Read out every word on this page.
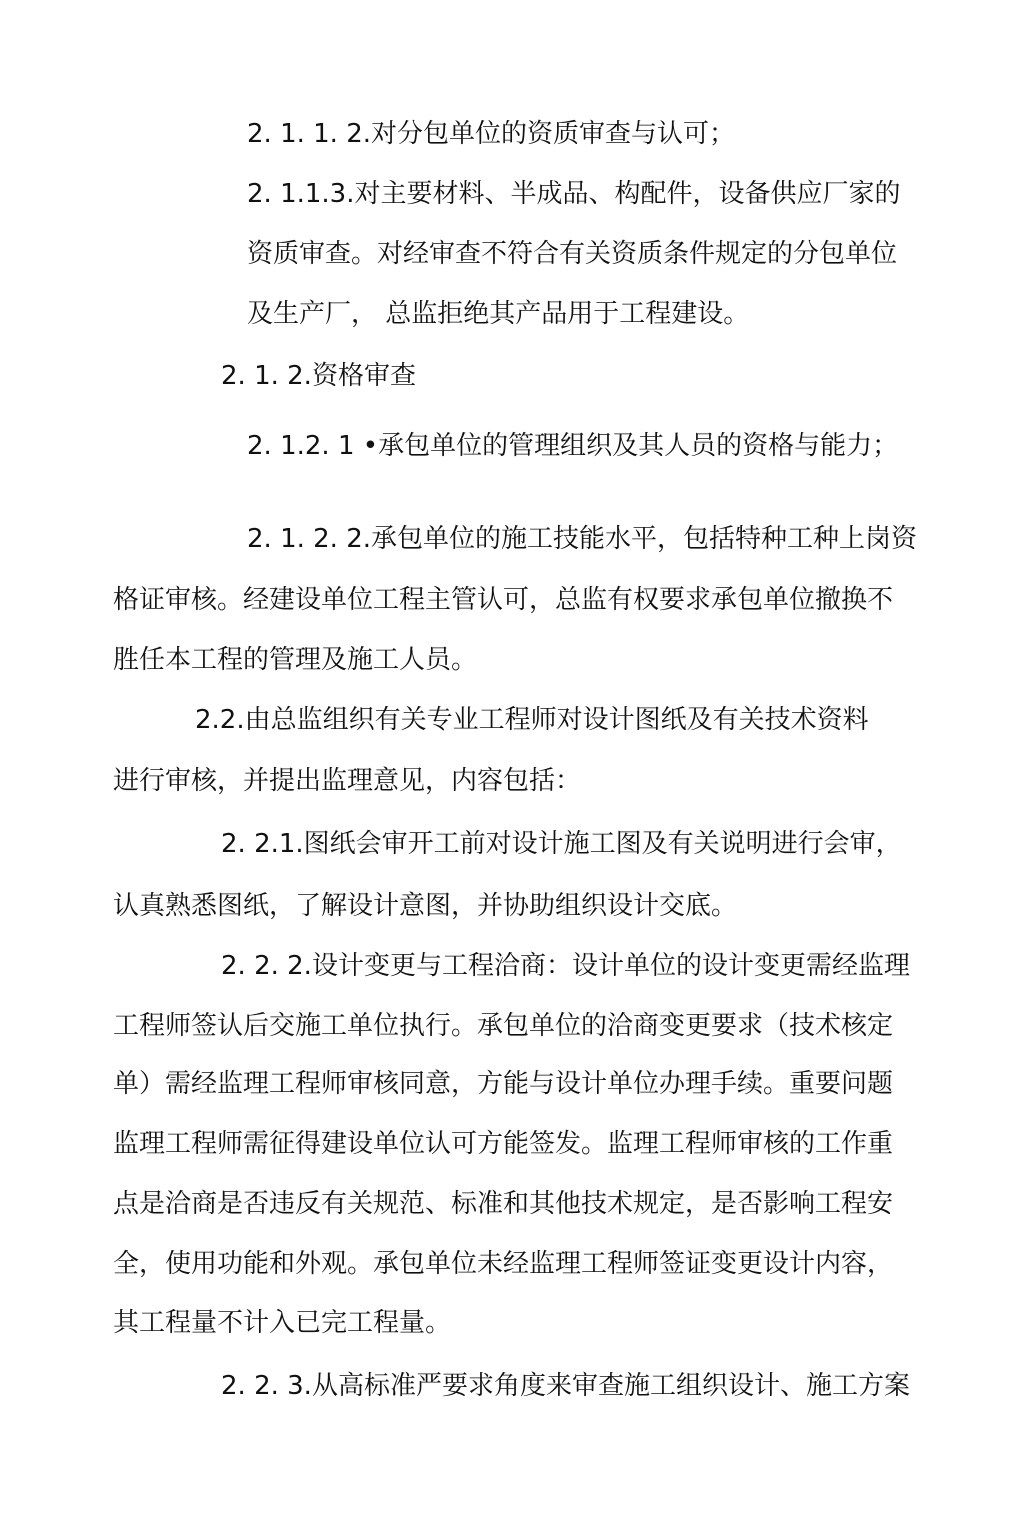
2. 1. 1. 2.对分包单位的资质审查与认可；
2. 1.1.3.对主要材料、半成品、构配件，设备供应厂家的
资质审查。对经审查不符合有关资质条件规定的分包单位
及生产厂， 总监拒绝其产品用于工程建设。
2. 1. 2.资格审查
2. 1.2. 1 •承包单位的管理组织及其人员的资格与能力；
2. 1. 2. 2.承包单位的施工技能水平，包括特种工种上岗资
格证审核。经建设单位工程主管认可，总监有权要求承包单位撤换不
胜任本工程的管理及施工人员。
2.2.由总监组织有关专业工程师对设计图纸及有关技术资料
进行审核，并提出监理意见，内容包括：
2. 2.1.图纸会审开工前对设计施工图及有关说明进行会审，
认真熟悉图纸，了解设计意图，并协助组织设计交底。
2. 2. 2.设计变更与工程洽商：设计单位的设计变更需经监理
工程师签认后交施工单位执行。承包单位的洽商变更要求（技术核定
单）需经监理工程师审核同意，方能与设计单位办理手续。重要问题
监理工程师需征得建设单位认可方能签发。监理工程师审核的工作重
点是洽商是否违反有关规范、标准和其他技术规定，是否影响工程安
全，使用功能和外观。承包单位未经监理工程师签证变更设计内容，
其工程量不计入已完工程量。
2. 2. 3.从高标准严要求角度来审查施工组织设计、施工方案
